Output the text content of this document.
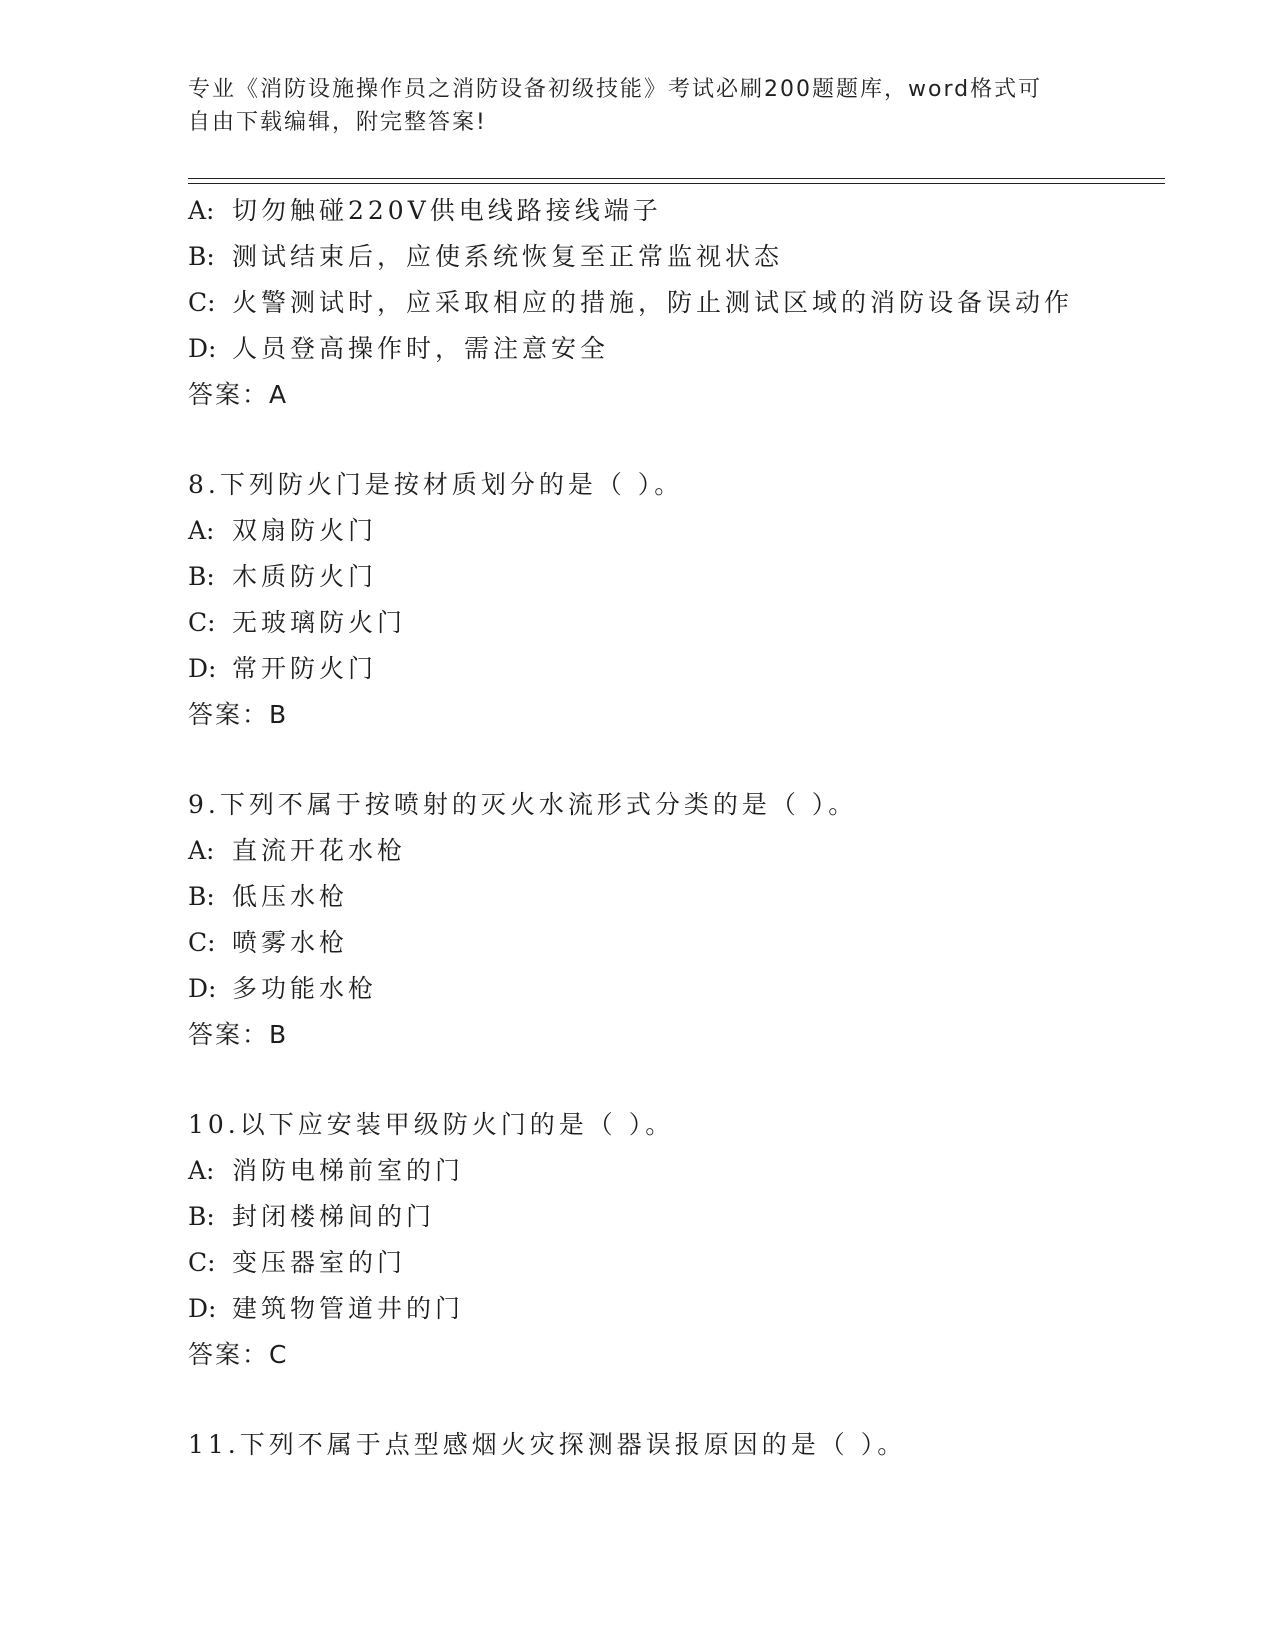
专业《消防设施操作员之消防设备初级技能》考试必刷200题题库，word格式可
自由下载编辑，附完整答案!
A: 切勿触碰220V供电线路接线端子
B: 测试结束后，应使系统恢复至正常监视状态
C: 火警测试时，应采取相应的措施，防止测试区域的消防设备误动作
D: 人员登高操作时，需注意安全
答案：A
8.下列防火门是按材质划分的是（ ）。
A: 双扇防火门
B: 木质防火门
C: 无玻璃防火门
D: 常开防火门
答案：B
9.下列不属于按喷射的灭火水流形式分类的是（ ）。
A: 直流开花水枪
B: 低压水枪
C: 喷雾水枪
D: 多功能水枪
答案：B
10.以下应安装甲级防火门的是（ ）。
A: 消防电梯前室的门
B: 封闭楼梯间的门
C: 变压器室的门
D: 建筑物管道井的门
答案：C
11.下列不属于点型感烟火灾探测器误报原因的是（ ）。
